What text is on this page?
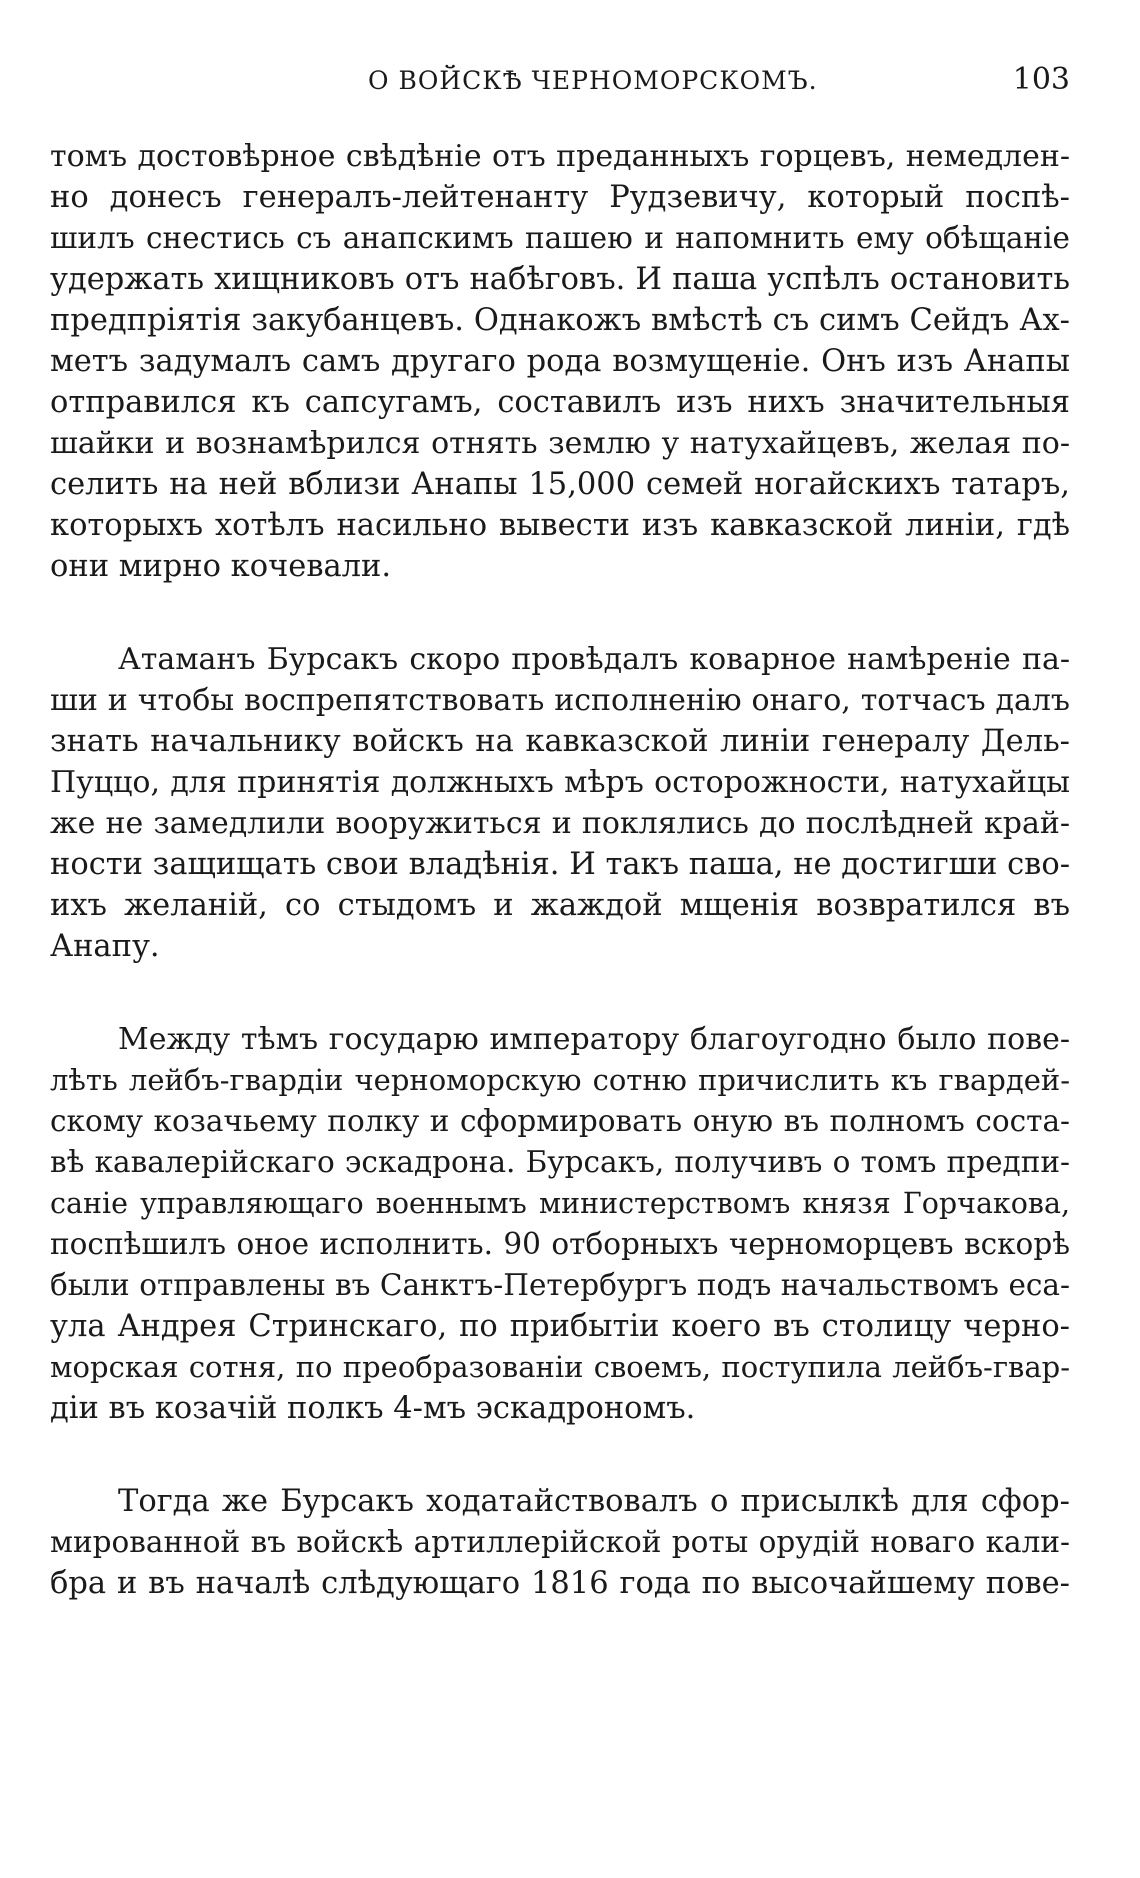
О ВОЙСКѢ ЧЕРНОМОРСКОМЪ.	103

томъ достовѣрное свѣдѣніе отъ преданныхъ горцевъ, немедлен-
но донесъ генералъ-лейтенанту Рудзевичу, который поспѣ-
шилъ снестись съ анапскимъ пашею и напомнить ему обѣщаніе
удержать хищниковъ отъ набѣговъ. И паша успѣлъ остановить
предпріятія закубанцевъ. Однакожъ вмѣстѣ съ симъ Сейдъ Ах-
метъ задумалъ самъ другаго рода возмущеніе. Онъ изъ Анапы
отправился къ сапсугамъ, составилъ изъ нихъ значительныя
шайки и вознамѣрился отнять землю у натухайцевъ, желая по-
селить на ней вблизи Анапы 15,000 семей ногайскихъ татаръ,
которыхъ хотѣлъ насильно вывести изъ кавказской линіи, гдѣ
они мирно кочевали.

Атаманъ Бурсакъ скоро провѣдалъ коварное намѣреніе па-
ши и чтобы воспрепятствовать исполненію онаго, тотчасъ далъ
знать начальнику войскъ на кавказской линіи генералу Дель-
Пуццо, для принятія должныхъ мѣръ осторожности, натухайцы
же не замедлили вооружиться и поклялись до послѣдней край-
ности защищать свои владѣнія. И такъ паша, не достигши сво-
ихъ желаній, со стыдомъ и жаждой мщенія возвратился въ
Анапу.

Между тѣмъ государю императору благоугодно было пове-
лѣть лейбъ-гвардіи черноморскую сотню причислить къ гвардей-
скому козачьему полку и сформировать оную въ полномъ соста-
вѣ кавалерійскаго эскадрона. Бурсакъ, получивъ о томъ предпи-
саніе управляющаго военнымъ министерствомъ князя Горчакова,
поспѣшилъ оное исполнить. 90 отборныхъ черноморцевъ вскорѣ
были отправлены въ Санктъ-Петербургъ подъ начальствомъ еса-
ула Андрея Стринскаго, по прибытіи коего въ столицу черно-
морская сотня, по преобразованіи своемъ, поступила лейбъ-гвар-
діи въ козачій полкъ 4-мъ эскадрономъ.

Тогда же Бурсакъ ходатайствовалъ о присылкѣ для сфор-
мированной въ войскѣ артиллерійской роты орудій новаго кали-
бра и въ началѣ слѣдующаго 1816 года по высочайшему пове-
